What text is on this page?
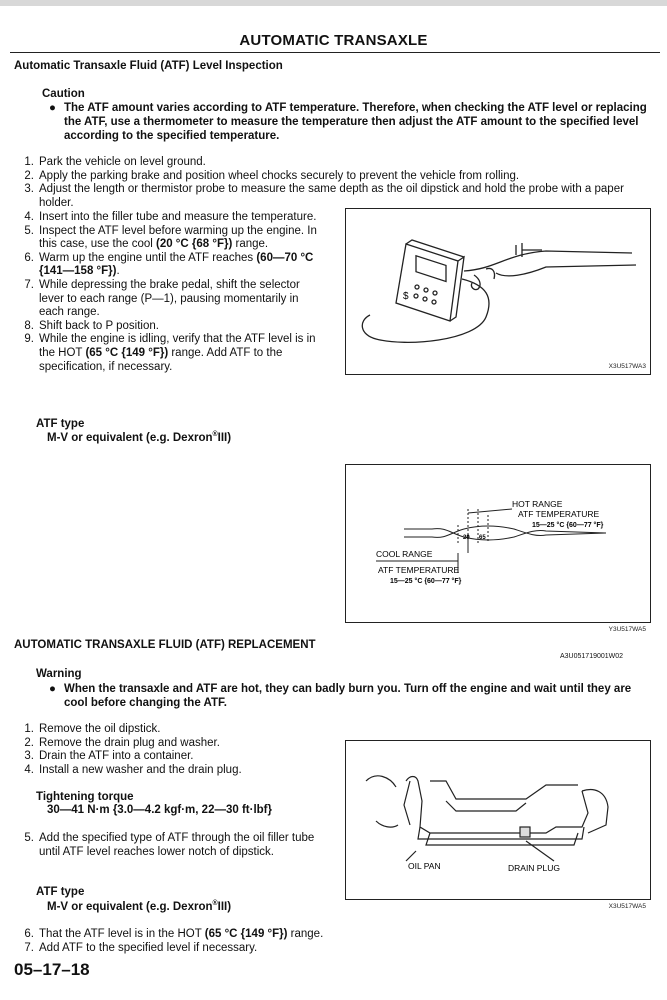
AUTOMATIC TRANSAXLE
Automatic Transaxle Fluid (ATF) Level Inspection
Caution
● The ATF amount varies according to ATF temperature. Therefore, when checking the ATF level or replacing the ATF, use a thermometer to measure the temperature then adjust the ATF amount to the specified level according to the specified temperature.
1 . Park the vehicle on level ground.
2 . Apply the parking brake and position wheel chocks securely to prevent the vehicle from rolling.
3 . Adjust the length or thermistor probe to measure the same depth as the oil dipstick and hold the probe with a paper holder.
4 . Insert into the filler tube and measure the temperature.
5 . Inspect the ATF level before warming up the engine. In this case, use the cool (20 °C {68 °F}) range.
6 . Warm up the engine until the ATF reaches (60—70 °C {141—158 °F}).
7 . While depressing the brake pedal, shift the selector lever to each range (P—1), pausing momentarily in each range.
8 . Shift back to P position.
9 . While the engine is idling, verify that the ATF level is in the HOT (65 °C {149 °F}) range. Add ATF to the specification, if necessary.
$
X3U517WA3
ATF type
M-V or equivalent (e.g. Dexron®III)
HOT RANGE
ATF TEMPERATURE
15—25 °C {60—77 °F}
20 65
COOL RANGE
ATF TEMPERATURE
15—25 °C {60—77 °F}
Y3U517WA5
AUTOMATIC TRANSAXLE FLUID (ATF) REPLACEMENT
A3U051719001W02
Warning
● When the transaxle and ATF are hot, they can badly burn you. Turn off the engine and wait until they are cool before changing the ATF.
1 . Remove the oil dipstick.
2 . Remove the drain plug and washer.
3 . Drain the ATF into a container.
4 . Install a new washer and the drain plug.
Tightening torque
30—41 N·m {3.0—4.2 kgf·m, 22—30 ft·lbf}
5 . Add the specified type of ATF through the oil filler tube until ATF level reaches lower notch of dipstick.
ATF type
M-V or equivalent (e.g. Dexron®III)
6 . That the ATF level is in the HOT (65 °C {149 °F}) range.
7 . Add ATF to the specified level if necessary.
OIL PAN	DRAIN PLUG
X3U517WA5
05–17–18
